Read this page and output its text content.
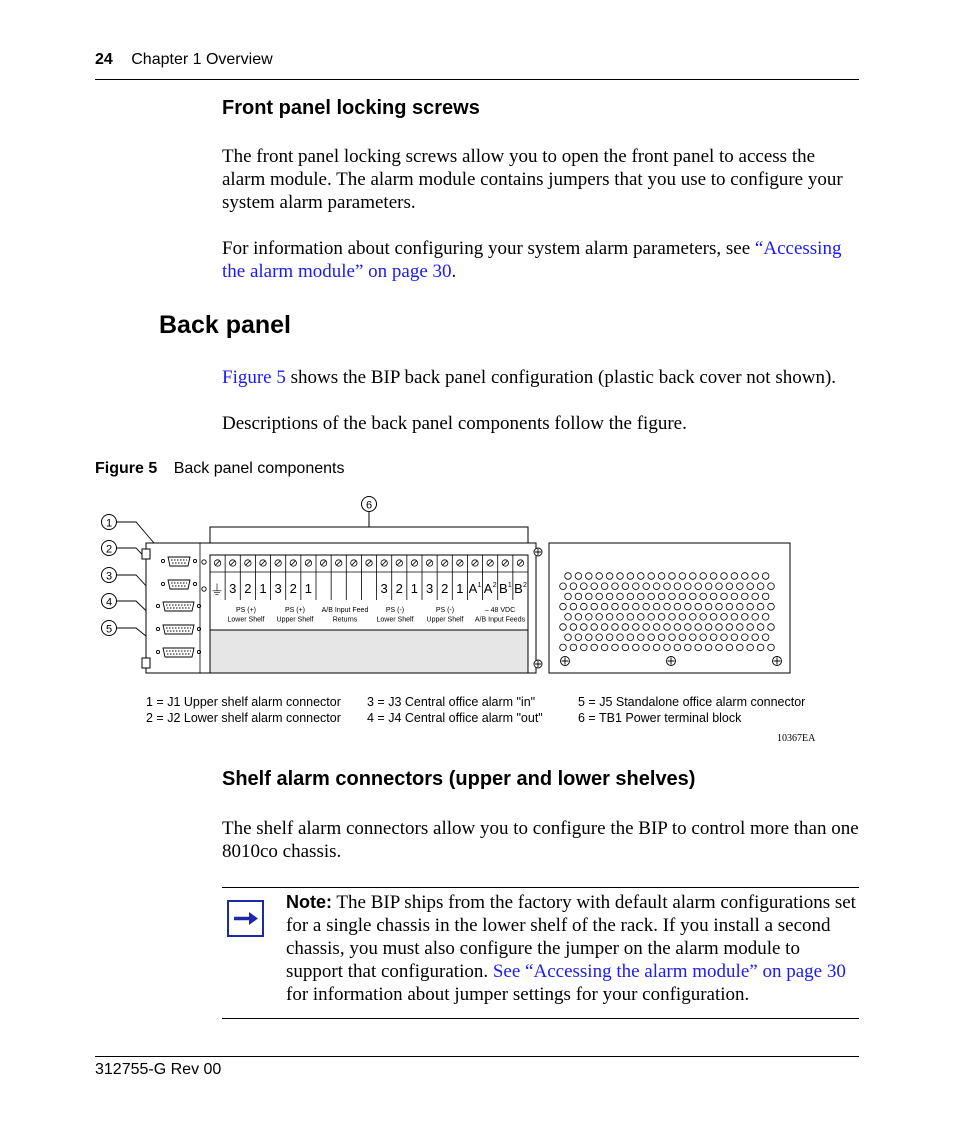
24 Chapter 1 Overview
Front panel locking screws

The front panel locking screws allow you to open the front panel to access the alarm module. The alarm module contains jumpers that you use to configure your system alarm parameters.

For information about configuring your system alarm parameters, see “Accessing the alarm module” on page 30.

Back panel

Figure 5 shows the BIP back panel configuration (plastic back cover not shown).

Descriptions of the back panel components follow the figure.

Figure 5 Back panel components
6
1
2
3
4
5
⏚ 3 2 1 3 2 1	3 2 1 3 2 1 A 1 A 2 B 1 B 2
PS (+)
Lower Shelf
PS (+)
Upper Shelf
A/B Input Feed
Returns
PS (-)
Lower Shelf
PS (-)
Upper Shelf
– 48 VDC
A/B Input Feeds
1 = J1 Upper shelf alarm connector
2 = J2 Lower shelf alarm connector
3 = J3 Central office alarm "in"
4 = J4 Central office alarm "out"
5 = J5 Standalone office alarm connector
6 = TB1 Power terminal block
10367EA
Shelf alarm connectors (upper and lower shelves)

The shelf alarm connectors allow you to configure the BIP to control more than one 8010co chassis.

Note: The BIP ships from the factory with default alarm configurations set for a single chassis in the lower shelf of the rack. If you install a second chassis, you must also configure the jumper on the alarm module to support that configuration. See “Accessing the alarm module” on page 30 for information about jumper settings for your configuration.

312755-G Rev 00
